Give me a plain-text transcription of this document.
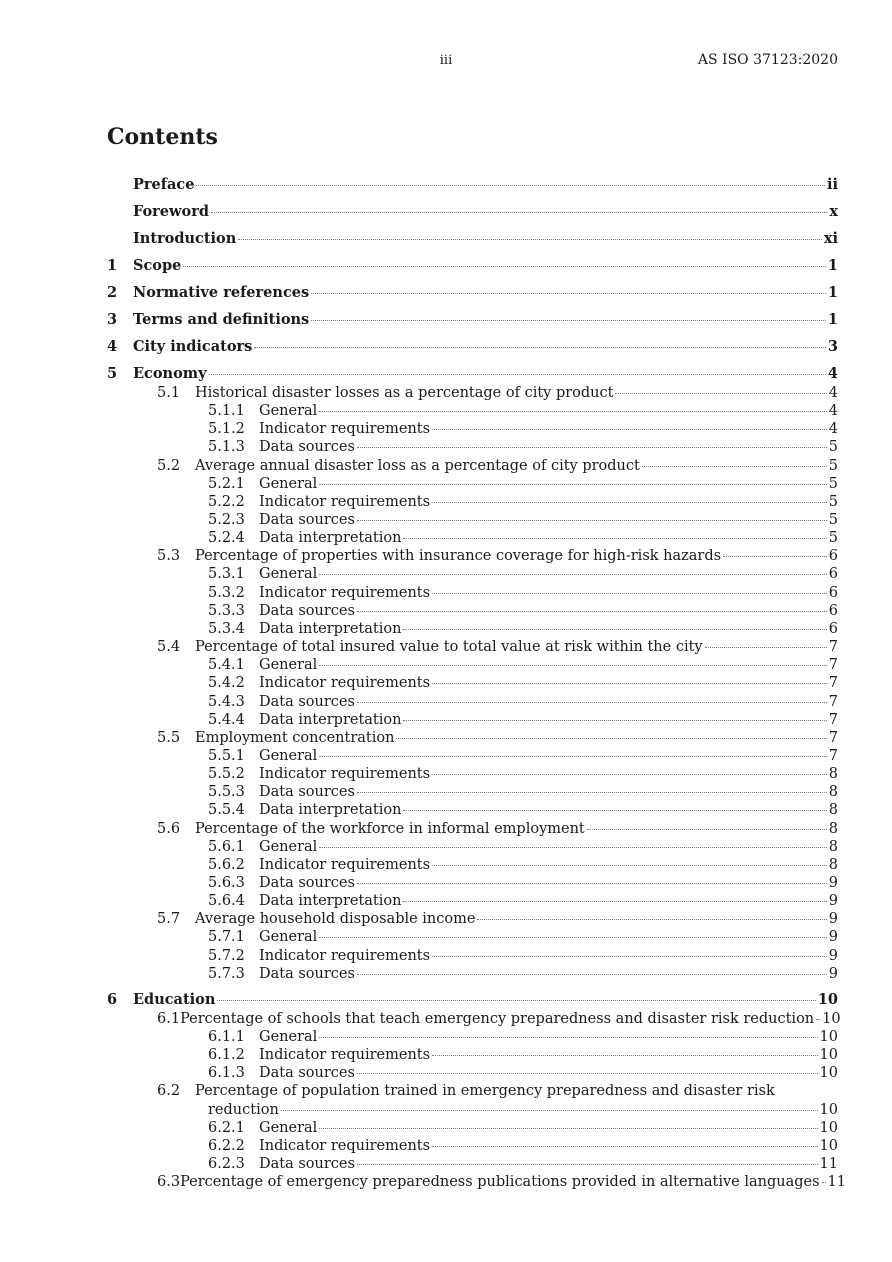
iii	AS ISO 37123:2020
Contents
Preface	ii
Foreword	x
Introduction	xi
1	Scope	1
2	Normative references	1
3	Terms and definitions	1
4	City indicators	3
5	Economy	4
5.1	Historical disaster losses as a percentage of city product	4
5.1.1 General	4
5.1.2 Indicator requirements	4
5.1.3 Data sources	5
5.2	Average annual disaster loss as a percentage of city product	5
5.2.1 General	5
5.2.2 Indicator requirements	5
5.2.3 Data sources	5
5.2.4 Data interpretation	5
5.3	Percentage of properties with insurance coverage for high-risk hazards	6
5.3.1 General	6
5.3.2 Indicator requirements	6
5.3.3 Data sources	6
5.3.4 Data interpretation	6
5.4	Percentage of total insured value to total value at risk within the city	7
5.4.1 General	7
5.4.2 Indicator requirements	7
5.4.3 Data sources	7
5.4.4 Data interpretation	7
5.5	Employment concentration	7
5.5.1 General	7
5.5.2 Indicator requirements	8
5.5.3 Data sources	8
5.5.4 Data interpretation	8
5.6	Percentage of the workforce in informal employment	8
5.6.1 General	8
5.6.2 Indicator requirements	8
5.6.3 Data sources	9
5.6.4 Data interpretation	9
5.7	Average household disposable income	9
5.7.1 General	9
5.7.2 Indicator requirements	9
5.7.3 Data sources	9
6	Education	10
6.1 Percentage of schools that teach emergency preparedness and disaster risk reduction 10
6.1.1 General	10
6.1.2 Indicator requirements	10
6.1.3 Data sources	10
6.2	Percentage of population trained in emergency preparedness and disaster risk
reduction	10
6.2.1 General	10
6.2.2 Indicator requirements	10
6.2.3 Data sources	11
6.3 Percentage of emergency preparedness publications provided in alternative languages 11
